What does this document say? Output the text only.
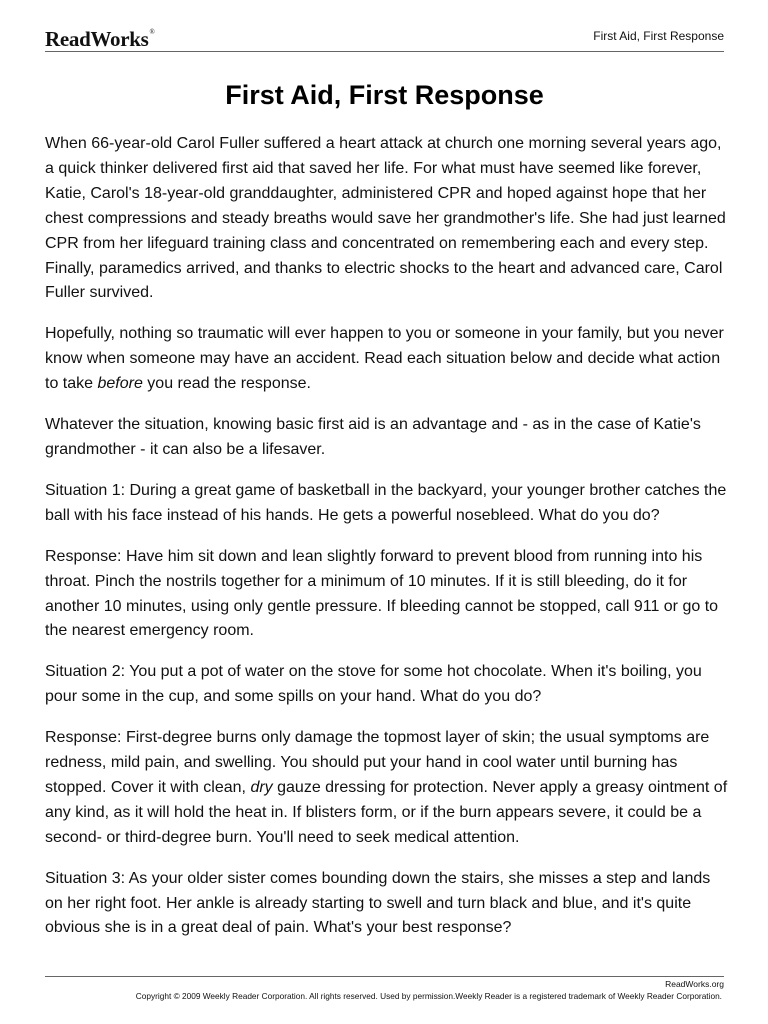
ReadWorks®	First Aid, First Response
First Aid, First Response

When 66-year-old Carol Fuller suffered a heart attack at church one morning several years ago, a quick thinker delivered first aid that saved her life. For what must have seemed like forever, Katie, Carol's 18-year-old granddaughter, administered CPR and hoped against hope that her chest compressions and steady breaths would save her grandmother's life. She had just learned CPR from her lifeguard training class and concentrated on remembering each and every step. Finally, paramedics arrived, and thanks to electric shocks to the heart and advanced care, Carol Fuller survived.

Hopefully, nothing so traumatic will ever happen to you or someone in your family, but you never know when someone may have an accident. Read each situation below and decide what action to take before you read the response.

Whatever the situation, knowing basic first aid is an advantage and - as in the case of Katie's grandmother - it can also be a lifesaver.

Situation 1: During a great game of basketball in the backyard, your younger brother catches the ball with his face instead of his hands. He gets a powerful nosebleed. What do you do?

Response: Have him sit down and lean slightly forward to prevent blood from running into his throat. Pinch the nostrils together for a minimum of 10 minutes. If it is still bleeding, do it for another 10 minutes, using only gentle pressure. If bleeding cannot be stopped, call 911 or go to the nearest emergency room.

Situation 2: You put a pot of water on the stove for some hot chocolate. When it's boiling, you pour some in the cup, and some spills on your hand. What do you do?

Response: First-degree burns only damage the topmost layer of skin; the usual symptoms are redness, mild pain, and swelling. You should put your hand in cool water until burning has stopped. Cover it with clean, dry gauze dressing for protection. Never apply a greasy ointment of any kind, as it will hold the heat in. If blisters form, or if the burn appears severe, it could be a second- or third-degree burn. You'll need to seek medical attention.

Situation 3: As your older sister comes bounding down the stairs, she misses a step and lands on her right foot. Her ankle is already starting to swell and turn black and blue, and it's quite obvious she is in a great deal of pain. What's your best response?

ReadWorks.org
Copyright © 2009 Weekly Reader Corporation. All rights reserved. Used by permission.Weekly Reader is a registered trademark of Weekly Reader Corporation.
